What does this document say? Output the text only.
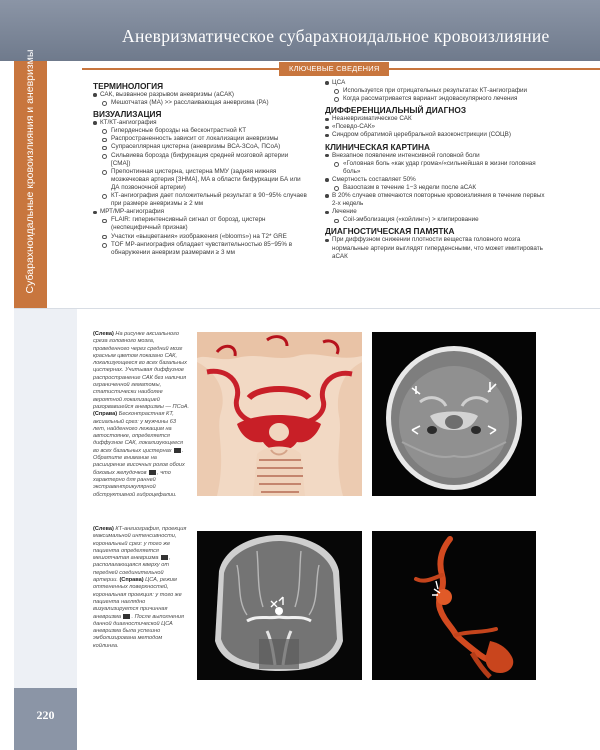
Аневризматическое субарахноидальное кровоизлияние
Субарахноидальные кровоизлияния и аневризмы
220
КЛЮЧЕВЫЕ СВЕДЕНИЯ
ТЕРМИНОЛОГИЯ
САК, вызванное разрывом аневризмы (аСАК)
Мешотчатая (МА) >> расслаивающая аневризма (РА)
ВИЗУАЛИЗАЦИЯ
КТ/КТ-ангиография
Гиперденсные борозды на бесконтрастной КТ
Распространенность зависит от локализации аневризмы
Супраселлярная цистерна (аневризмы ВСА-ЗСоА, ПСоА)
Сильвиева борозда (бифуркация средней мозговой артерии [СМА])
Препонтинная цистерна, цистерна ММУ (задняя нижняя мозжечковая артерия [ЗНМА], МА в области бифуркации БА или ДА позвоночной артерии)
КТ-ангиография дает положительный результат в 90−95% случаев при размере аневризмы ≥ 2 мм
МРТ/МР-ангиография
FLAIR: гиперинтенсивный сигнал от борозд, цистерн (неспецифичный признак)
Участки «выцветания» изображения («blooms») на Т2* GRE
TOF МР-ангиография обладает чувствительностью 85−95% в обнаружении аневризм размерами ≥ 3 мм
ЦСА
Используется при отрицательных результатах КТ-ангиографии
Когда рассматривается вариант эндоваскулярного лечения
ДИФФЕРЕНЦИАЛЬНЫЙ ДИАГНОЗ
Неаневризматическое САК
«Псевдо-САК»
Синдром обратимой церебральной вазоконстрикции (СОЦВ)
КЛИНИЧЕСКАЯ КАРТИНА
Внезапное появление интенсивной головной боли
«Головная боль «как удар грома»/«сильнейшая в жизни головная боль»
Смертность составляет 50%
Вазоспазм в течение 1−3 недели после аСАК
В 20% случаев отмечаются повторные кровоизлияния в течение первых 2-х недель
Лечение
Coil-эмболизация («койлинг») > клипирование
ДИАГНОСТИЧЕСКАЯ ПАМЯТКА
При диффузном снижении плотности вещества головного мозга нормальные артерии выглядят гиперденсными, что может имитировать аСАК
(Слева) На рисунке аксиального среза головного мозга, проведенного через средний мозг красным цветом показано САК, локализующееся во всех базальных цистернах. Учитывая диффузное распространение САК без наличия ограниченной гематомы, статистически наиболее вероятной локализацией разорвавшейся аневризмы — ПСоА. (Справа) Бесконтрастная КТ, аксиальный срез: у мужчины 63 лет, найденного лежащим на автостоянке, определяется диффузное САК, локализующееся во всех базальных цистернах . Обратите внимание на расширение височных рогов обоих боковых желудочков , что характерно для ранней экстравентрикулярной обструктивной гидроцефалии.
(Слева) КТ-ангиография, проекция максимальной интенсивности, корональный срез: у того же пациента определяется мешотчатая аневризма , располагающаяся кверху от передней соединительной артерии. (Справа) ЦСА, режим оттененных поверхностей, корональная проекция: у того же пациента наглядно визуализируется причинная аневризма . После выполнения данной диагностической ЦСА аневризма была успешно эмболизирована методом койлинга.
